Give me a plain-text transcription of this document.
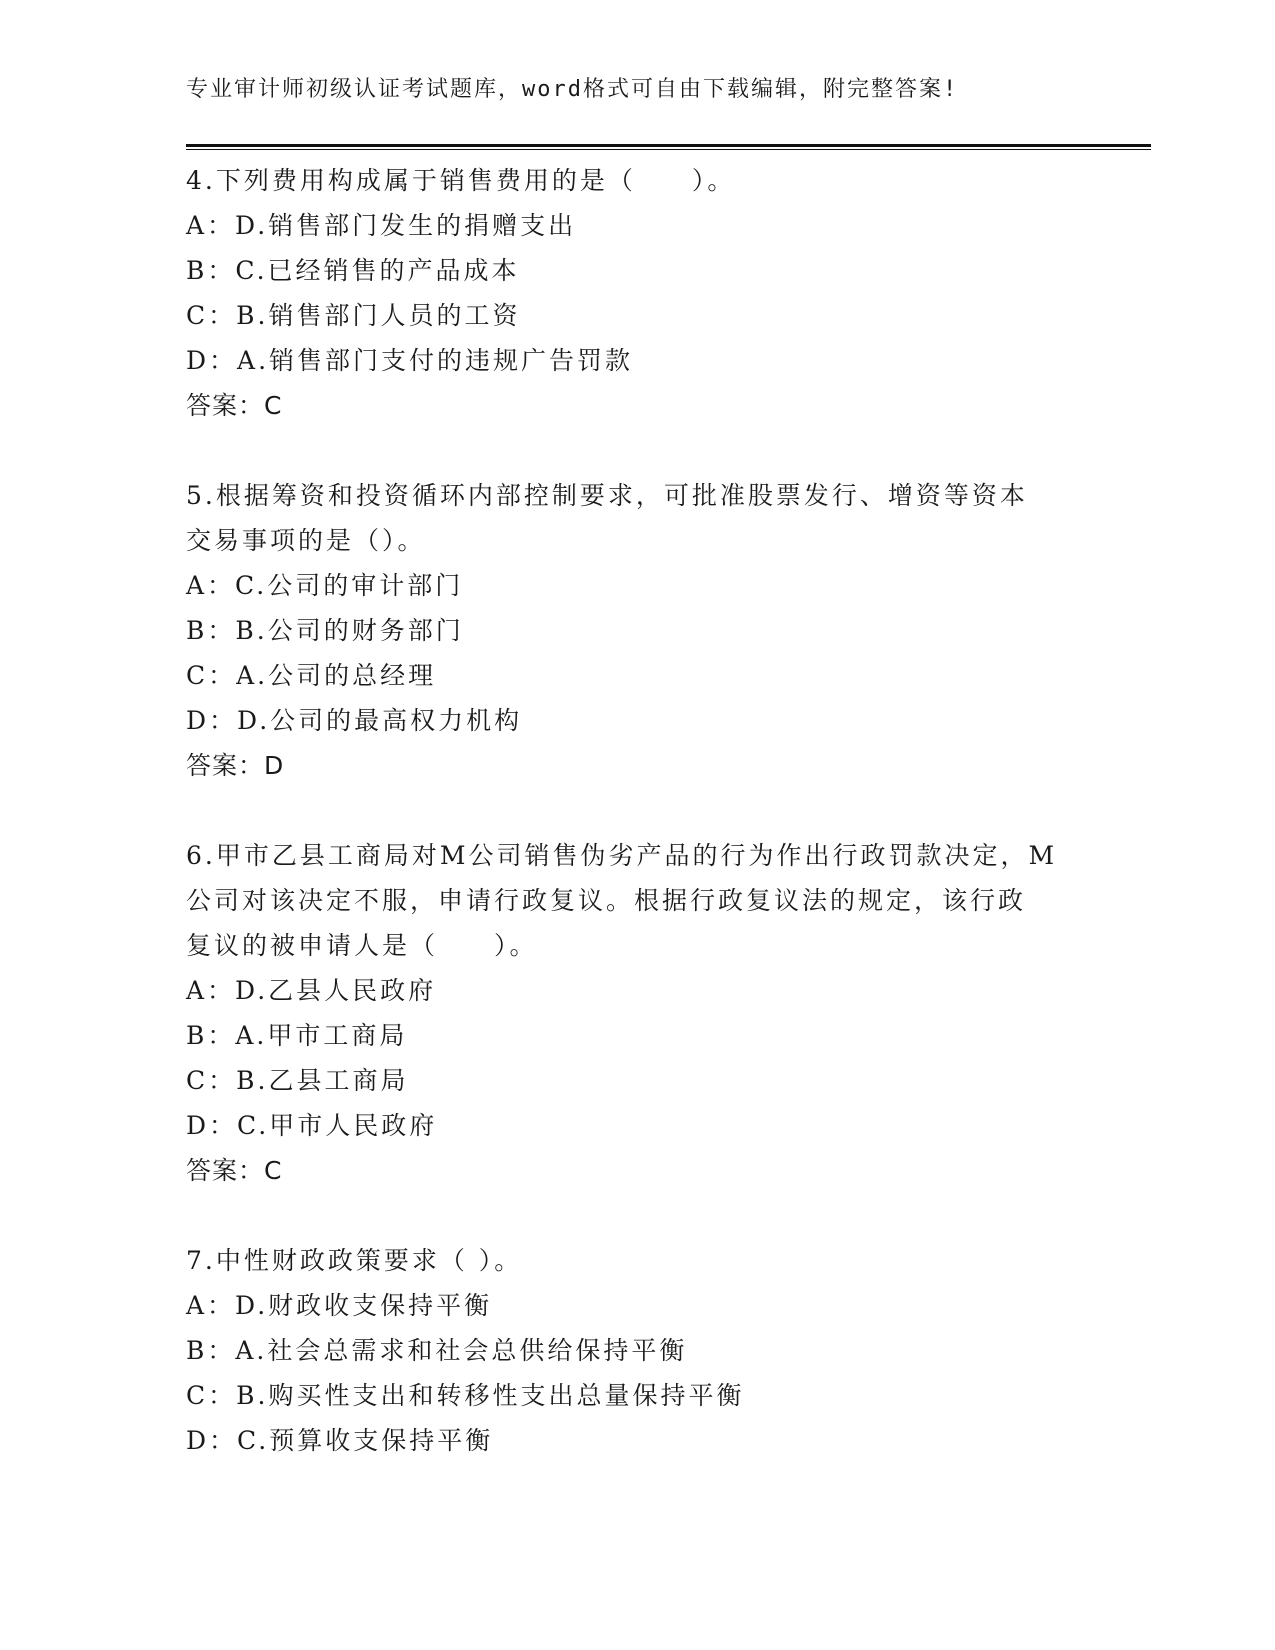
专业审计师初级认证考试题库，word格式可自由下载编辑，附完整答案!
4.下列费用构成属于销售费用的是（　　）。
A：D.销售部门发生的捐赠支出
B：C.已经销售的产品成本
C：B.销售部门人员的工资
D：A.销售部门支付的违规广告罚款
答案：C
5.根据筹资和投资循环内部控制要求，可批准股票发行、增资等资本
交易事项的是（）。
A：C.公司的审计部门
B：B.公司的财务部门
C：A.公司的总经理
D：D.公司的最高权力机构
答案：D
6.甲市乙县工商局对M公司销售伪劣产品的行为作出行政罚款决定，M
公司对该决定不服，申请行政复议。根据行政复议法的规定，该行政
复议的被申请人是（　　）。
A：D.乙县人民政府
B：A.甲市工商局
C：B.乙县工商局
D：C.甲市人民政府
答案：C
7.中性财政政策要求（ ）。
A：D.财政收支保持平衡
B：A.社会总需求和社会总供给保持平衡
C：B.购买性支出和转移性支出总量保持平衡
D：C.预算收支保持平衡
